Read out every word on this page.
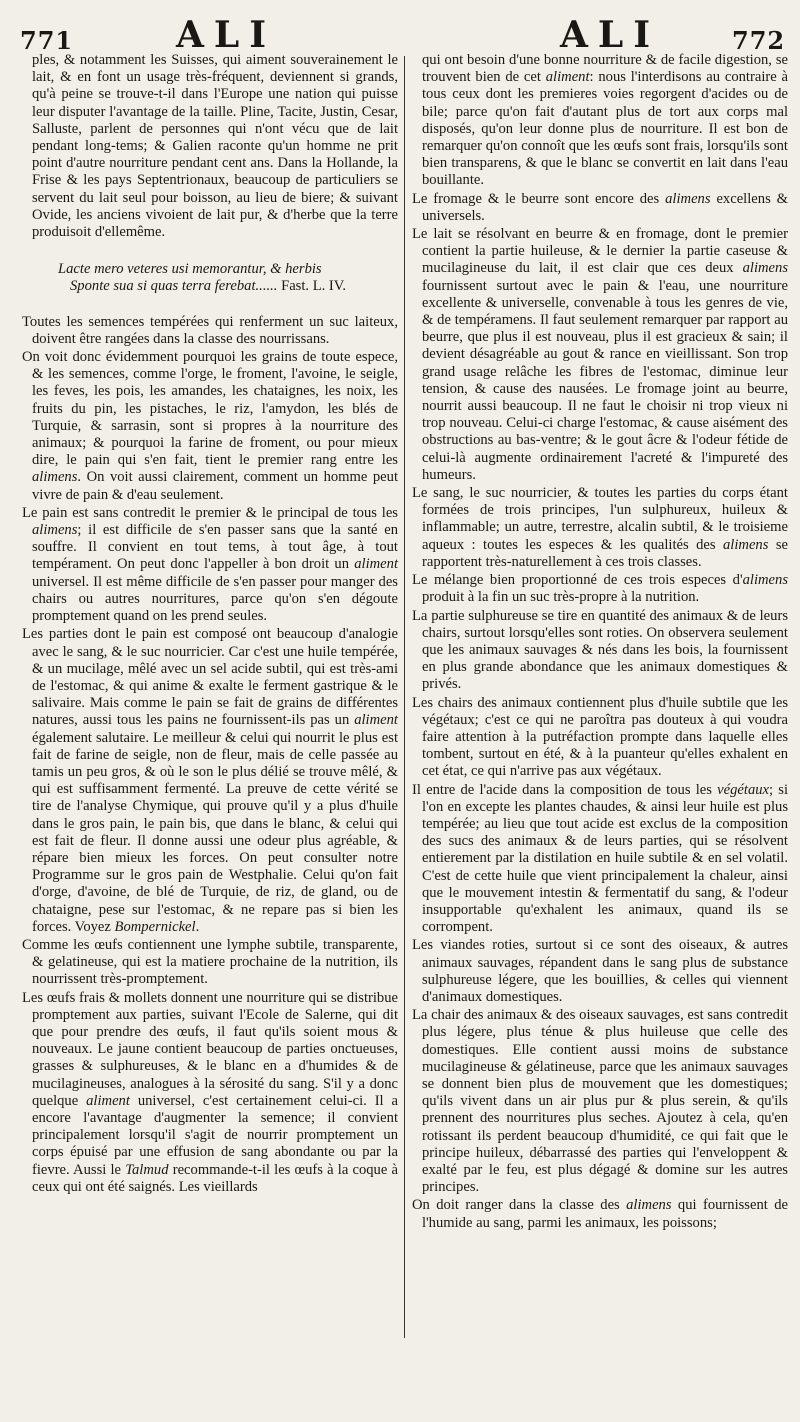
771	ALI	ALI	772

ples, & notamment les Suisses, qui aiment souverainement le lait, & en font un usage très-fréquent, deviennent si grands, qu'à peine se trouve-t-il dans l'Europe une nation qui puisse leur disputer l'avantage de la taille. Pline, Tacite, Justin, Cesar, Salluste, parlent de personnes qui n'ont vécu que de lait pendant long-tems; & Galien raconte qu'un homme ne prit point d'autre nourriture pendant cent ans. Dans la Hollande, la Frise & les pays Septentrionaux, beaucoup de particuliers se servent du lait seul pour boisson, au lieu de biere; & suivant Ovide, les anciens vivoient de lait pur, & d'herbe que la terre produisoit d'ellemême.

Lacte mero veteres usi memorantur, & herbis
Sponte sua si quas terra ferebat...... Fast. L. IV.

Toutes les semences tempérées qui renferment un suc laiteux, doivent être rangées dans la classe des nourrissans.

On voit donc évidemment pourquoi les grains de toute espece, & les semences, comme l'orge, le froment, l'avoine, le seigle, les feves, les pois, les amandes, les chataignes, les noix, les fruits du pin, les pistaches, le riz, l'amydon, les blés de Turquie, & sarrasin, sont si propres à la nourriture des animaux; & pourquoi la farine de froment, ou pour mieux dire, le pain qui s'en fait, tient le premier rang entre les alimens. On voit aussi clairement, comment un homme peut vivre de pain & d'eau seulement.

Le pain est sans contredit le premier & le principal de tous les alimens; il est difficile de s'en passer sans que la santé en souffre. Il convient en tout tems, à tout âge, à tout tempérament. On peut donc l'appeller à bon droit un aliment universel. Il est même difficile de s'en passer pour manger des chairs ou autres nourritures, parce qu'on s'en dégoute promptement quand on les prend seules.

Les parties dont le pain est composé ont beaucoup d'analogie avec le sang, & le suc nourricier. Car c'est une huile tempérée, & un mucilage, mêlé avec un sel acide subtil, qui est très-ami de l'estomac, & qui anime & exalte le ferment gastrique & le salivaire. Mais comme le pain se fait de grains de différentes natures, aussi tous les pains ne fournissent-ils pas un aliment également salutaire. Le meilleur & celui qui nourrit le plus est fait de farine de seigle, non de fleur, mais de celle passée au tamis un peu gros, & où le son le plus délié se trouve mêlé, & qui est suffisamment fermenté. La preuve de cette vérité se tire de l'analyse Chymique, qui prouve qu'il y a plus d'huile dans le gros pain, le pain bis, que dans le blanc, & celui qui est fait de fleur. Il donne aussi une odeur plus agréable, & répare bien mieux les forces. On peut consulter notre Programme sur le gros pain de Westphalie. Celui qu'on fait d'orge, d'avoine, de blé de Turquie, de riz, de gland, ou de chataigne, pese sur l'estomac, & ne repare pas si bien les forces. Voyez Bompernickel.

Comme les œufs contiennent une lymphe subtile, transparente, & gelatineuse, qui est la matiere prochaine de la nutrition, ils nourrissent très-promptement.

Les œufs frais & mollets donnent une nourriture qui se distribue promptement aux parties, suivant l'Ecole de Salerne, qui dit que pour prendre des œufs, il faut qu'ils soient mous & nouveaux. Le jaune contient beaucoup de parties onctueuses, grasses & sulphureuses, & le blanc en a d'humides & de mucilagineuses, analogues à la sérosité du sang. S'il y a donc quelque aliment universel, c'est certainement celui-ci. Il a encore l'avantage d'augmenter la semence; il convient principalement lorsqu'il s'agit de nourrir promptement un corps épuisé par une effusion de sang abondante ou par la fievre. Aussi le Talmud recommande-t-il les œufs à la coque à ceux qui ont été saignés. Les vieillards

qui ont besoin d'une bonne nourriture & de facile digestion, se trouvent bien de cet aliment: nous l'interdisons au contraire à tous ceux dont les premieres voies regorgent d'acides ou de bile; parce qu'on fait d'autant plus de tort aux corps mal disposés, qu'on leur donne plus de nourriture. Il est bon de remarquer qu'on connoît que les œufs sont frais, lorsqu'ils sont bien transparens, & que le blanc se convertit en lait dans l'eau bouillante.

Le fromage & le beurre sont encore des alimens excellens & universels.

Le lait se résolvant en beurre & en fromage, dont le premier contient la partie huileuse, & le dernier la partie caseuse & mucilagineuse du lait, il est clair que ces deux alimens fournissent surtout avec le pain & l'eau, une nourriture excellente & universelle, convenable à tous les genres de vie, & de tempéramens. Il faut seulement remarquer par rapport au beurre, que plus il est nouveau, plus il est gracieux & sain; il devient désagréable au gout & rance en vieillissant. Son trop grand usage relâche les fibres de l'estomac, diminue leur tension, & cause des nausées. Le fromage joint au beurre, nourrit aussi beaucoup. Il ne faut le choisir ni trop vieux ni trop nouveau. Celui-ci charge l'estomac, & cause aisément des obstructions au bas-ventre; & le gout âcre & l'odeur fétide de celui-là augmente ordinairement l'acreté & l'impureté des humeurs.

Le sang, le suc nourricier, & toutes les parties du corps étant formées de trois principes, l'un sulphureux, huileux & inflammable; un autre, terrestre, alcalin subtil, & le troisieme aqueux : toutes les especes & les qualités des alimens se rapportent très-naturellement à ces trois classes.

Le mélange bien proportionné de ces trois especes d'alimens produit à la fin un suc très-propre à la nutrition.

La partie sulphureuse se tire en quantité des animaux & de leurs chairs, surtout lorsqu'elles sont roties. On observera seulement que les animaux sauvages & nés dans les bois, la fournissent en plus grande abondance que les animaux domestiques & privés.

Les chairs des animaux contiennent plus d'huile subtile que les végétaux; c'est ce qui ne paroîtra pas douteux à qui voudra faire attention à la putréfaction prompte dans laquelle elles tombent, surtout en été, & à la puanteur qu'elles exhalent en cet état, ce qui n'arrive pas aux végétaux.

Il entre de l'acide dans la composition de tous les végétaux; si l'on en excepte les plantes chaudes, & ainsi leur huile est plus tempérée; au lieu que tout acide est exclus de la composition des sucs des animaux & de leurs parties, qui se résolvent entierement par la distilation en huile subtile & en sel volatil. C'est de cette huile que vient principalement la chaleur, ainsi que le mouvement intestin & fermentatif du sang, & l'odeur insupportable qu'exhalent les animaux, quand ils se corrompent.

Les viandes roties, surtout si ce sont des oiseaux, & autres animaux sauvages, répandent dans le sang plus de substance sulphureuse légere, que les bouillies, & celles qui viennent d'animaux domestiques.

La chair des animaux & des oiseaux sauvages, est sans contredit plus légere, plus ténue & plus huileuse que celle des domestiques. Elle contient aussi moins de substance mucilagineuse & gélatineuse, parce que les animaux sauvages se donnent bien plus de mouvement que les domestiques; qu'ils vivent dans un air plus pur & plus serein, & qu'ils prennent des nourritures plus seches. Ajoutez à cela, qu'en rotissant ils perdent beaucoup d'humidité, ce qui fait que le principe huileux, débarrassé des parties qui l'enveloppent & exalté par le feu, est plus dégagé & domine sur les autres principes.

On doit ranger dans la classe des alimens qui fournissent de l'humide au sang, parmi les animaux, les poissons;
